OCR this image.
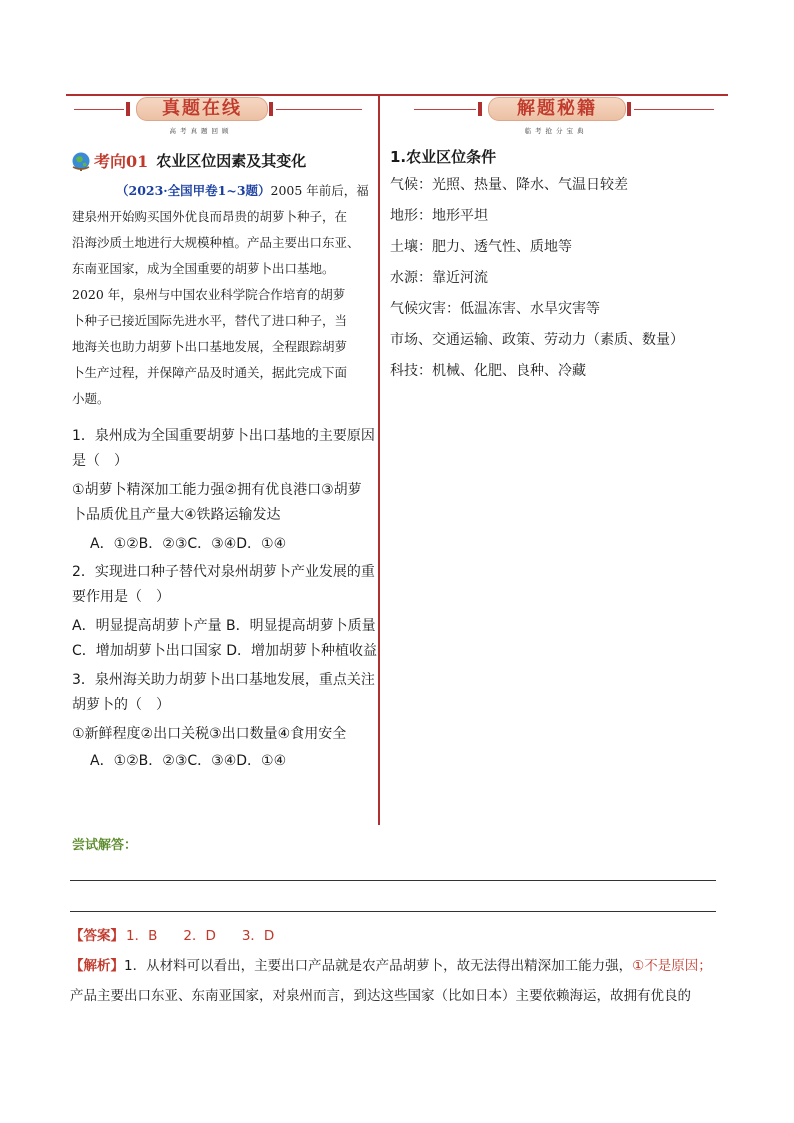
真题在线
高考真题回顾
解题秘籍
临考抢分宝典
考向01 农业区位因素及其变化
（2023·全国甲卷1~3题）2005 年前后，福
建泉州开始购买国外优良而昂贵的胡萝卜种子，在
沿海沙质土地进行大规模种植。产品主要出口东亚、
东南亚国家，成为全国重要的胡萝卜出口基地。
2020 年，泉州与中国农业科学院合作培育的胡萝
卜种子已接近国际先进水平，替代了进口种子，当
地海关也助力胡萝卜出口基地发展，全程跟踪胡萝
卜生产过程，并保障产品及时通关，据此完成下面
小题。
1．泉州成为全国重要胡萝卜出口基地的主要原因
是（　）
①胡萝卜精深加工能力强②拥有优良港口③胡萝
卜品质优且产量大④铁路运输发达
A．①②B．②③C．③④D．①④
2．实现进口种子替代对泉州胡萝卜产业发展的重
要作用是（　）
A．明显提高胡萝卜产量 B．明显提高胡萝卜质量
C．增加胡萝卜出口国家 D．增加胡萝卜种植收益
3．泉州海关助力胡萝卜出口基地发展，重点关注
胡萝卜的（　）
①新鲜程度②出口关税③出口数量④食用安全
A．①②B．②③C．③④D．①④
1.农业区位条件
气候：光照、热量、降水、气温日较差
地形：地形平坦
土壤：肥力、透气性、质地等
水源：靠近河流
气候灾害：低温冻害、水旱灾害等
市场、交通运输、政策、劳动力（素质、数量）
科技：机械、化肥、良种、冷藏
尝试解答：
【答案】 1．B 2．D 3．D
【解析】1．从材料可以看出，主要出口产品就是农产品胡萝卜，故无法得出精深加工能力强，①不是原因；
产品主要出口东亚、东南亚国家，对泉州而言，到达这些国家（比如日本）主要依赖海运，故拥有优良的
